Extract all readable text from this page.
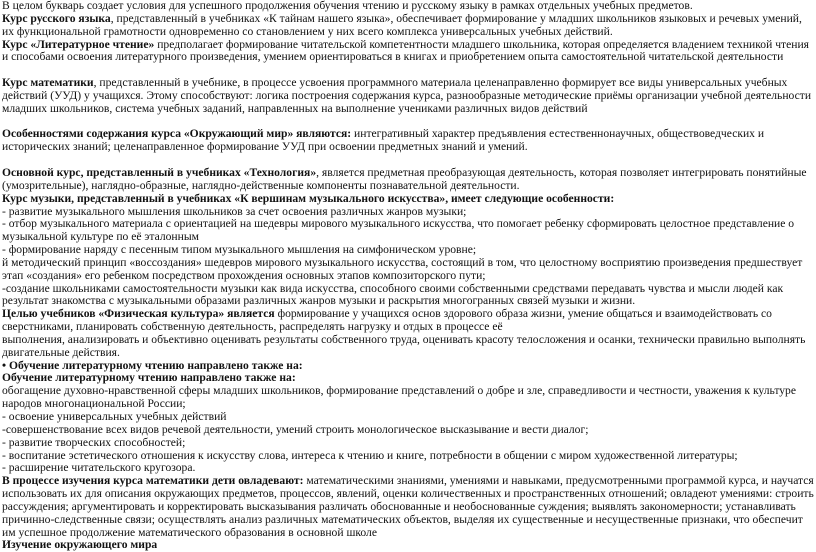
В целом букварь создает условия для успешного продолжения обучения чтению и русскому языку в рамках отдельных учебных предметов.

Курс русского языка, представленный в учебниках «К тайнам нашего языка», обеспечивает формирование у младших школьников языковых и речевых умений, их функциональной грамотности одновременно со становлением у них всего комплекса универсальных учебных действий.

Курс «Литературное чтение» предполагает формирование читательской компетентности младшего школьника, которая определяется владением техникой чтения и способами освоения литературного произведения, умением ориентироваться в книгах и приобретением опыта самостоятельной читательской деятельности

Курс математики, представленный в учебнике, в процессе усвоения программного материала целенаправленно формирует все виды универсальных учебных действий (УУД) у учащихся. Этому способствуют: логика построения содержания курса, разнообразные методические приёмы организации учебной деятельности младших школьников, система учебных заданий, направленных на выполнение учениками различных видов действий

Особенностями содержания курса «Окружающий мир» являются: интегративный характер предъявления естественнонаучных, обществоведческих и исторических знаний; целенаправленное формирование УУД при освоении предметных знаний и умений.

Основной курс, представленный в учебниках «Технология», является предметная преобразующая деятельность, которая позволяет интегрировать понятийные (умозрительные), наглядно-образные, наглядно-действенные компоненты познавательной деятельности.

Курс музыки, представленный в учебниках «К вершинам музыкального искусства», имеет следующие особенности:

- развитие музыкального мышления школьников за счет освоения различных жанров музыки;

- отбор музыкального материала с ориентацией на шедевры мирового музыкального искусства, что помогает ребенку сформировать целостное представление о музыкальной культуре по её эталонным

- формирование наряду с песенным типом музыкального мышления на симфоническом уровне;

й методический принцип «воссоздания» шедевров мирового музыкального искусства, состоящий в том, что целостному восприятию произведения предшествует этап «создания» его ребенком посредством прохождения основных этапов композиторского пути;

-создание школьниками самостоятельности музыки как вида искусства, способного своими собственными средствами передавать чувства и мысли людей как результат знакомства с музыкальными образами различных жанров музыки и раскрытия многогранных связей музыки и жизни.

Целью учебников «Физическая культура» является формирование у учащихся основ здорового образа жизни, умение общаться и взаимодействовать со сверстниками, планировать собственную деятельность, распределять нагрузку и отдых в процессе её

выполнения, анализировать и объективно оценивать результаты собственного труда, оценивать красоту телосложения и осанки, технически правильно выполнять двигательные действия.

• Обучение литературному чтению направлено также на:

Обучение литературному чтению направлено также на:

обогащение духовно-нравственной сферы младших школьников, формирование представлений о добре и зле, справедливости и честности, уважения к культуре народов многонациональной России;

- освоение универсальных учебных действий

-совершенствование всех видов речевой деятельности, умений строить монологическое высказывание и вести диалог;

- развитие творческих способностей;

- воспитание эстетического отношения к искусству слова, интереса к чтению и книге, потребности в общении с миром художественной литературы;

- расширение читательского кругозора.

В процессе изучения курса математики дети овладевают: математическими знаниями, умениями и навыками, предусмотренными программой курса, и научатся использовать их для описания окружающих предметов, процессов, явлений, оценки количественных и пространственных отношений; овладеют умениями: строить рассуждения; аргументировать и корректировать высказывания различать обоснованные и необоснованные суждения; выявлять закономерности; устанавливать причинно-следственные связи; осуществлять анализ различных математических объектов, выделяя их существенные и несущественные признаки, что обеспечит им успешное продолжение математического образования в основной школе

Изучение окружающего мира
